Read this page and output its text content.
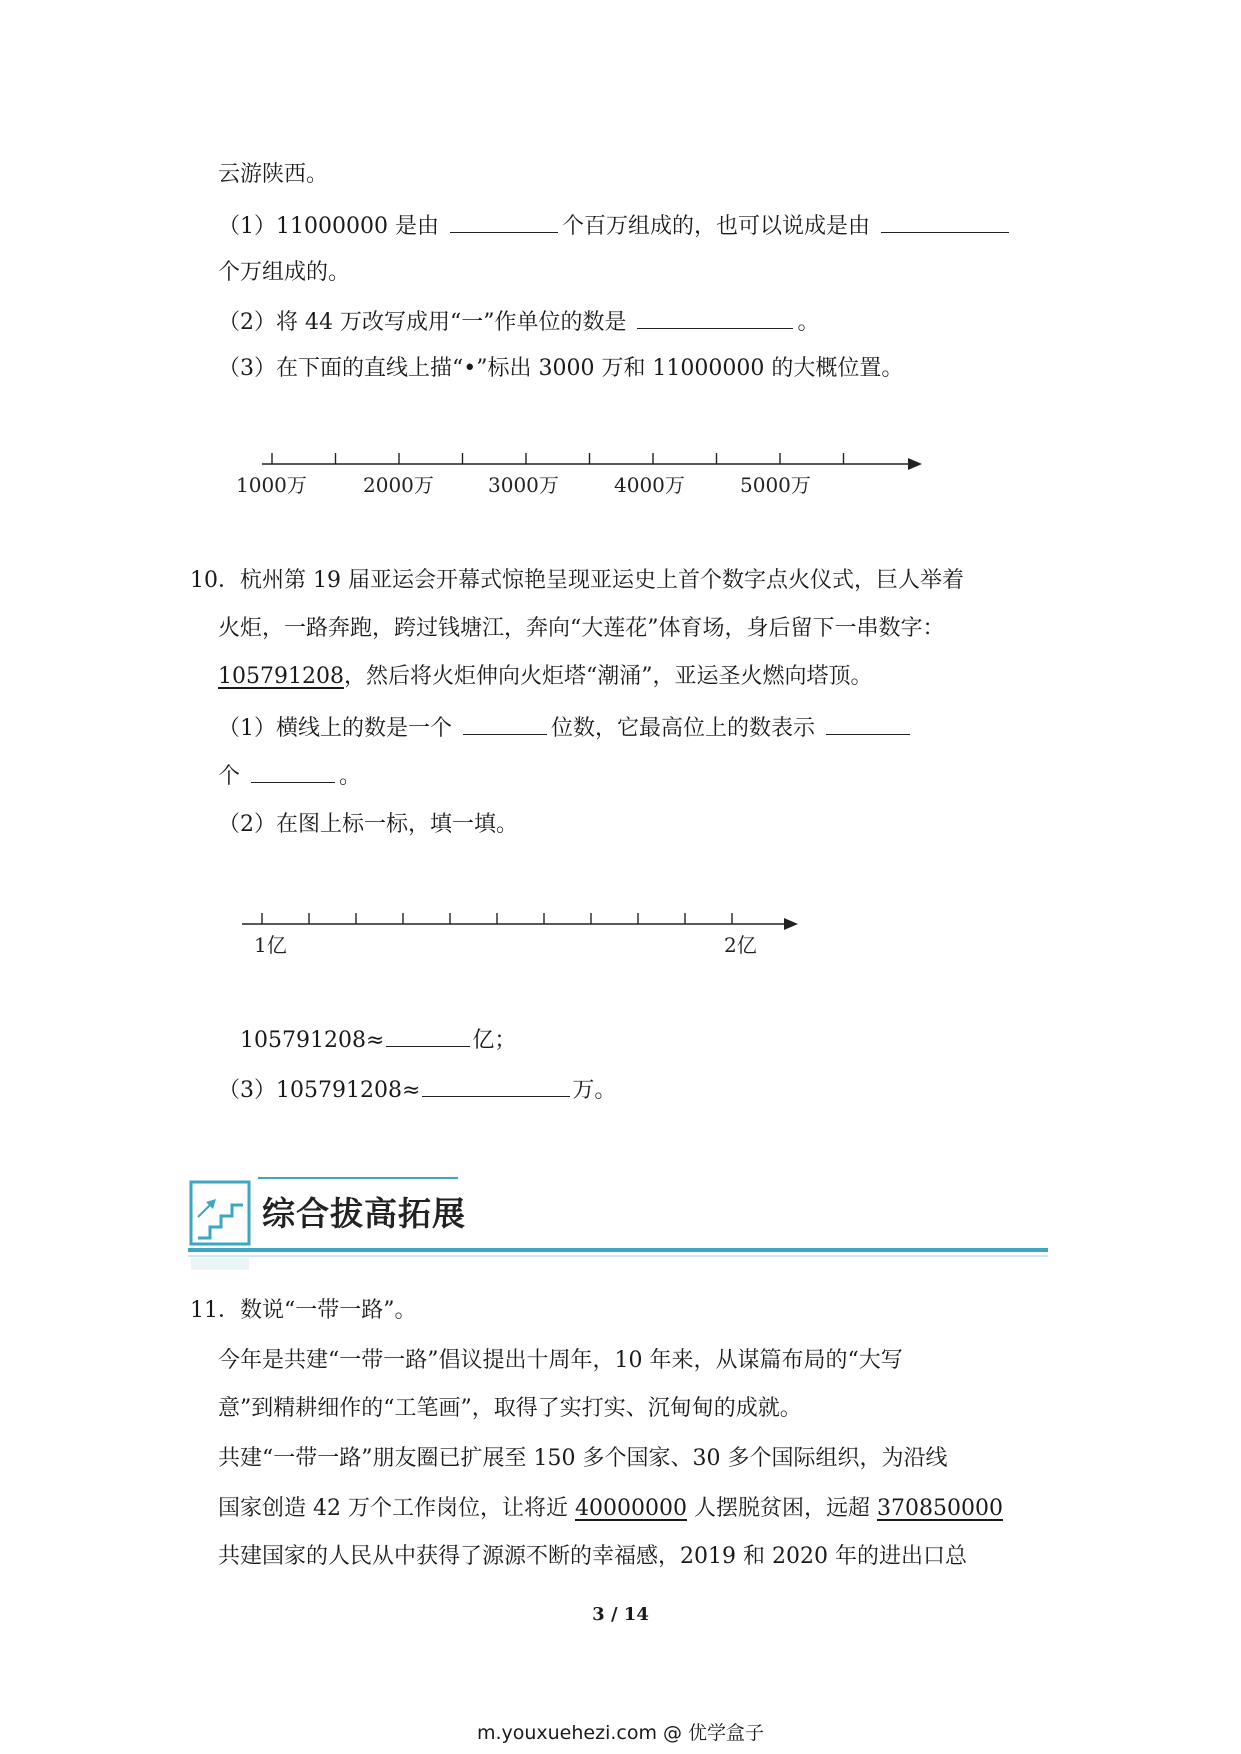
云游陕西。
（1）11000000 是由	个百万组成的，也可以说成是由
个万组成的。
（2）将 44 万改写成用“一”作单位的数是	。
（3）在下面的直线上描“•”标出 3000 万和 11000000 的大概位置。
1000万	2000万	3000万	4000万	5000万
10．杭州第 19 届亚运会开幕式惊艳呈现亚运史上首个数字点火仪式，巨人举着
火炬，一路奔跑，跨过钱塘江，奔向“大莲花”体育场，身后留下一串数字：
105791208，然后将火炬伸向火炬塔“潮涌”，亚运圣火燃向塔顶。
（1）横线上的数是一个	位数，它最高位上的数表示
个	。
（2）在图上标一标，填一填。
1亿	2亿
105791208≈	亿；
（3）105791208≈	万。
综合拔高拓展
11．数说“一带一路”。
今年是共建“一带一路”倡议提出十周年，10 年来，从谋篇布局的“大写
意”到精耕细作的“工笔画”，取得了实打实、沉甸甸的成就。
共建“一带一路”朋友圈已扩展至 150 多个国家、30 多个国际组织，为沿线
国家创造 42 万个工作岗位，让将近 40000000 人摆脱贫困，远超 370850000
共建国家的人民从中获得了源源不断的幸福感，2019 和 2020 年的进出口总
3 / 14
m.youxuehezi.com @ 优学盒子
